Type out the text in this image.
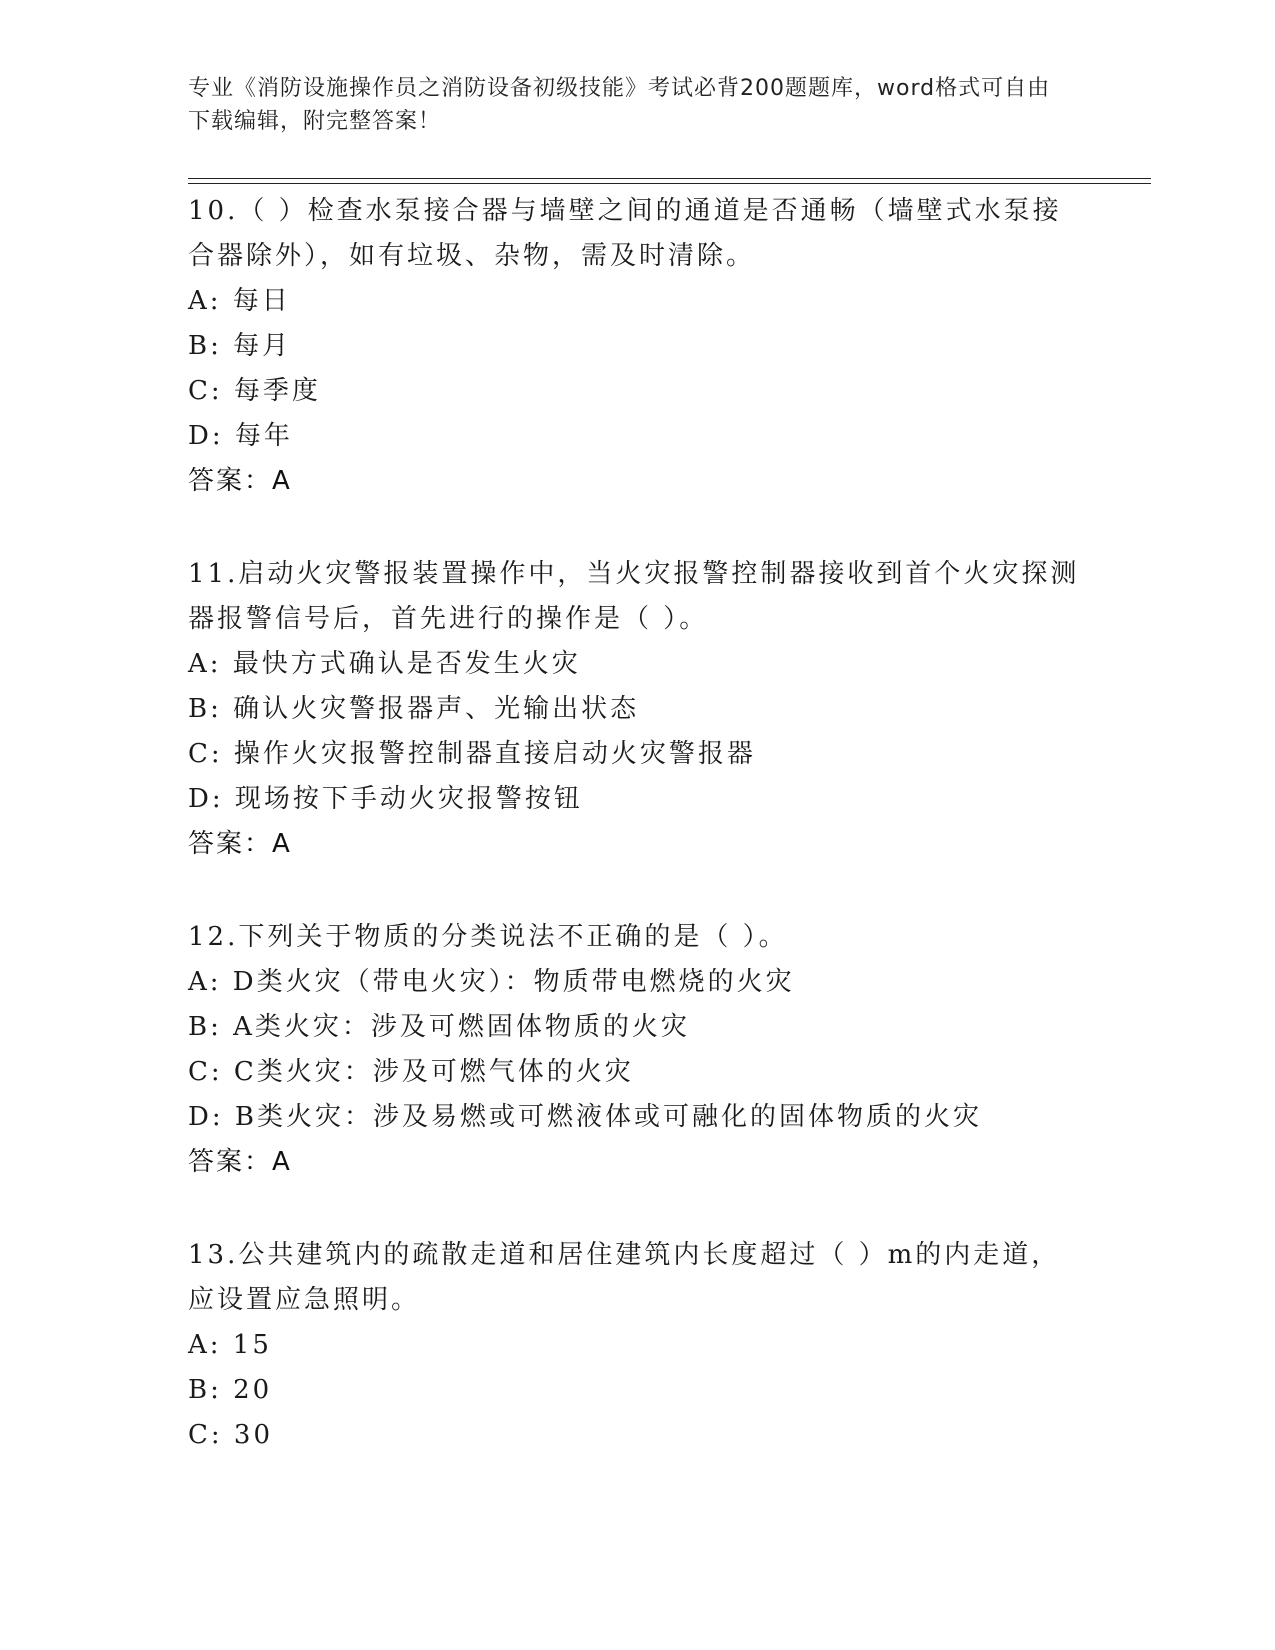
专业《消防设施操作员之消防设备初级技能》考试必背200题题库，word格式可自由下载编辑，附完整答案！

10.（ ）检查水泵接合器与墙壁之间的通道是否通畅（墙壁式水泵接合器除外），如有垃圾、杂物，需及时清除。

A: 每日
B: 每月
C: 每季度
D: 每年
答案：A

11.启动火灾警报装置操作中，当火灾报警控制器接收到首个火灾探测器报警信号后，首先进行的操作是（ ）。

A: 最快方式确认是否发生火灾
B: 确认火灾警报器声、光输出状态
C: 操作火灾报警控制器直接启动火灾警报器
D: 现场按下手动火灾报警按钮
答案：A

12.下列关于物质的分类说法不正确的是（ ）。

A: D类火灾（带电火灾）：物质带电燃烧的火灾
B: A类火灾：涉及可燃固体物质的火灾
C: C类火灾：涉及可燃气体的火灾
D: B类火灾：涉及易燃或可燃液体或可融化的固体物质的火灾
答案：A

13.公共建筑内的疏散走道和居住建筑内长度超过（ ）m的内走道，应设置应急照明。

A: 15
B: 20
C: 30
